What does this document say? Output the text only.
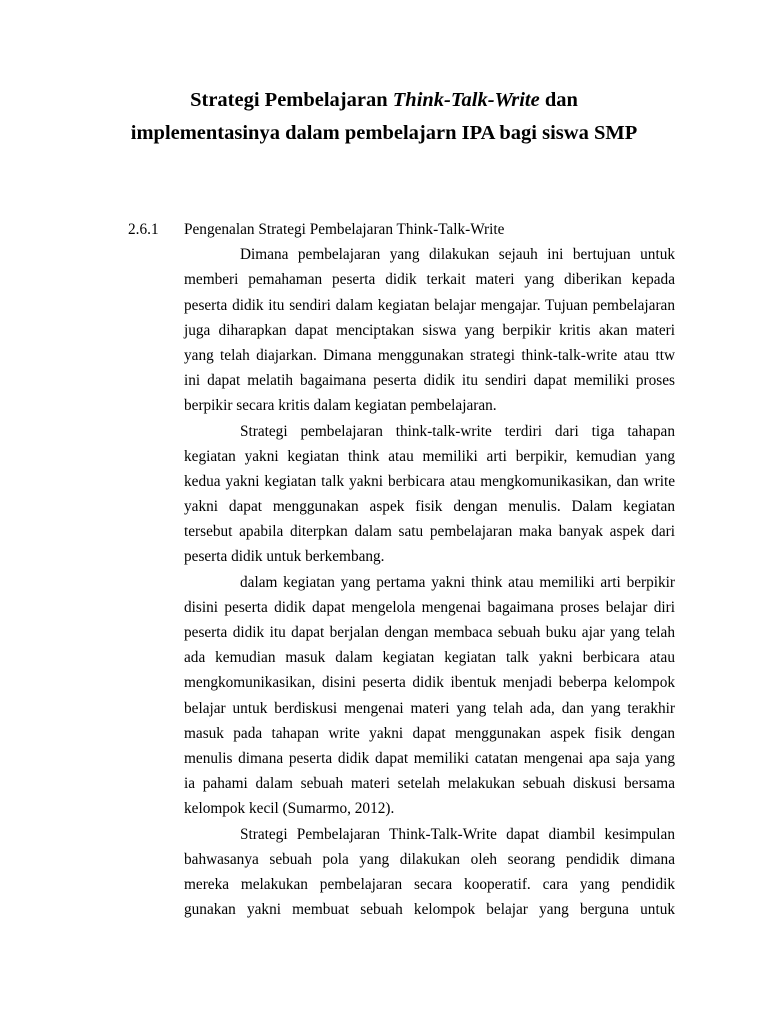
Strategi Pembelajaran Think-Talk-Write dan
implementasinya dalam pembelajarn IPA bagi siswa SMP
2.6.1 Pengenalan Strategi Pembelajaran Think-Talk-Write
Dimana pembelajaran yang dilakukan sejauh ini bertujuan untuk
memberi pemahaman peserta didik terkait materi yang diberikan kepada
peserta didik itu sendiri dalam kegiatan belajar mengajar. Tujuan pembelajaran
juga diharapkan dapat menciptakan siswa yang berpikir kritis akan materi
yang telah diajarkan. Dimana menggunakan strategi think-talk-write atau ttw
ini dapat melatih bagaimana peserta didik itu sendiri dapat memiliki proses
berpikir secara kritis dalam kegiatan pembelajaran.
Strategi pembelajaran think-talk-write terdiri dari tiga tahapan
kegiatan yakni kegiatan think atau memiliki arti berpikir, kemudian yang
kedua yakni kegiatan talk yakni berbicara atau mengkomunikasikan, dan write
yakni dapat menggunakan aspek fisik dengan menulis. Dalam kegiatan
tersebut apabila diterpkan dalam satu pembelajaran maka banyak aspek dari
peserta didik untuk berkembang.
dalam kegiatan yang pertama yakni think atau memiliki arti berpikir
disini peserta didik dapat mengelola mengenai bagaimana proses belajar diri
peserta didik itu dapat berjalan dengan membaca sebuah buku ajar yang telah
ada kemudian masuk dalam kegiatan kegiatan talk yakni berbicara atau
mengkomunikasikan, disini peserta didik ibentuk menjadi beberpa kelompok
belajar untuk berdiskusi mengenai materi yang telah ada, dan yang terakhir
masuk pada tahapan write yakni dapat menggunakan aspek fisik dengan
menulis dimana peserta didik dapat memiliki catatan mengenai apa saja yang
ia pahami dalam sebuah materi setelah melakukan sebuah diskusi bersama
kelompok kecil (Sumarmo, 2012).
Strategi Pembelajaran Think-Talk-Write dapat diambil kesimpulan
bahwasanya sebuah pola yang dilakukan oleh seorang pendidik dimana
mereka melakukan pembelajaran secara kooperatif. cara yang pendidik
gunakan yakni membuat sebuah kelompok belajar yang berguna untuk
